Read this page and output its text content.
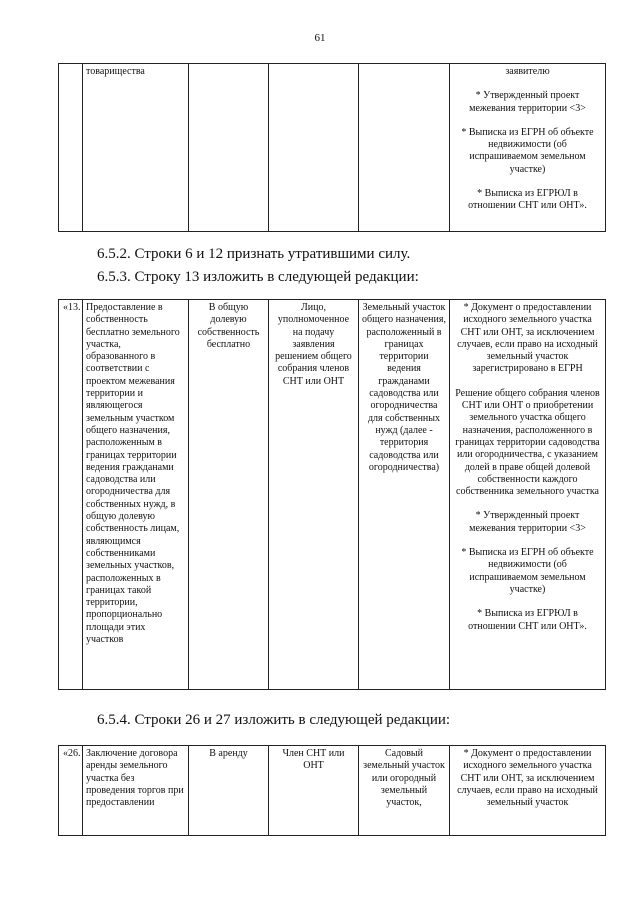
61
	товарищества				заявителю

* Утвержденный проект межевания территории <3>

* Выписка из ЕГРН об объекте недвижимости (об испрашиваемом земельном участке)

* Выписка из ЕГРЮЛ в отношении СНТ или ОНТ».

6.5.2. Строки 6 и 12 признать утратившими силу.

6.5.3. Строку 13 изложить в следующей редакции:

«13.	Предоставление в собственность бесплатно земельного участка, образованного в соответствии с проектом межевания территории и являющегося земельным участком общего назначения, расположенным в границах территории ведения гражданами садоводства или огородничества для собственных нужд, в общую долевую собственность лицам, являющимся собственниками земельных участков, расположенных в границах такой территории, пропорционально площади этих участков	В общую долевую собственность бесплатно	Лицо, уполномоченное на подачу заявления решением общего собрания членов СНТ или ОНТ	Земельный участок общего назначения, расположенный в границах территории ведения гражданами садоводства или огородничества для собственных нужд (далее - территория садоводства или огородничества)	

* Документ о предоставлении исходного земельного участка СНТ или ОНТ, за исключением случаев, если право на исходный земельный участок зарегистрировано в ЕГРН

Решение общего собрания членов СНТ или ОНТ о приобретении земельного участка общего назначения, расположенного в границах территории садоводства или огородничества, с указанием долей в праве общей долевой собственности каждого собственника земельного участка

* Утвержденный проект межевания территории <3>

* Выписка из ЕГРН об объекте недвижимости (об испрашиваемом земельном участке)

* Выписка из ЕГРЮЛ в отношении СНТ или ОНТ».

6.5.4. Строки 26 и 27 изложить в следующей редакции:

«26.	Заключение договора аренды земельного участка без проведения торгов при предоставлении	В аренду	Член СНТ или ОНТ	Садовый земельный участок или огородный земельный участок,	

* Документ о предоставлении исходного земельного участка СНТ или ОНТ, за исключением случаев, если право на исходный земельный участок
